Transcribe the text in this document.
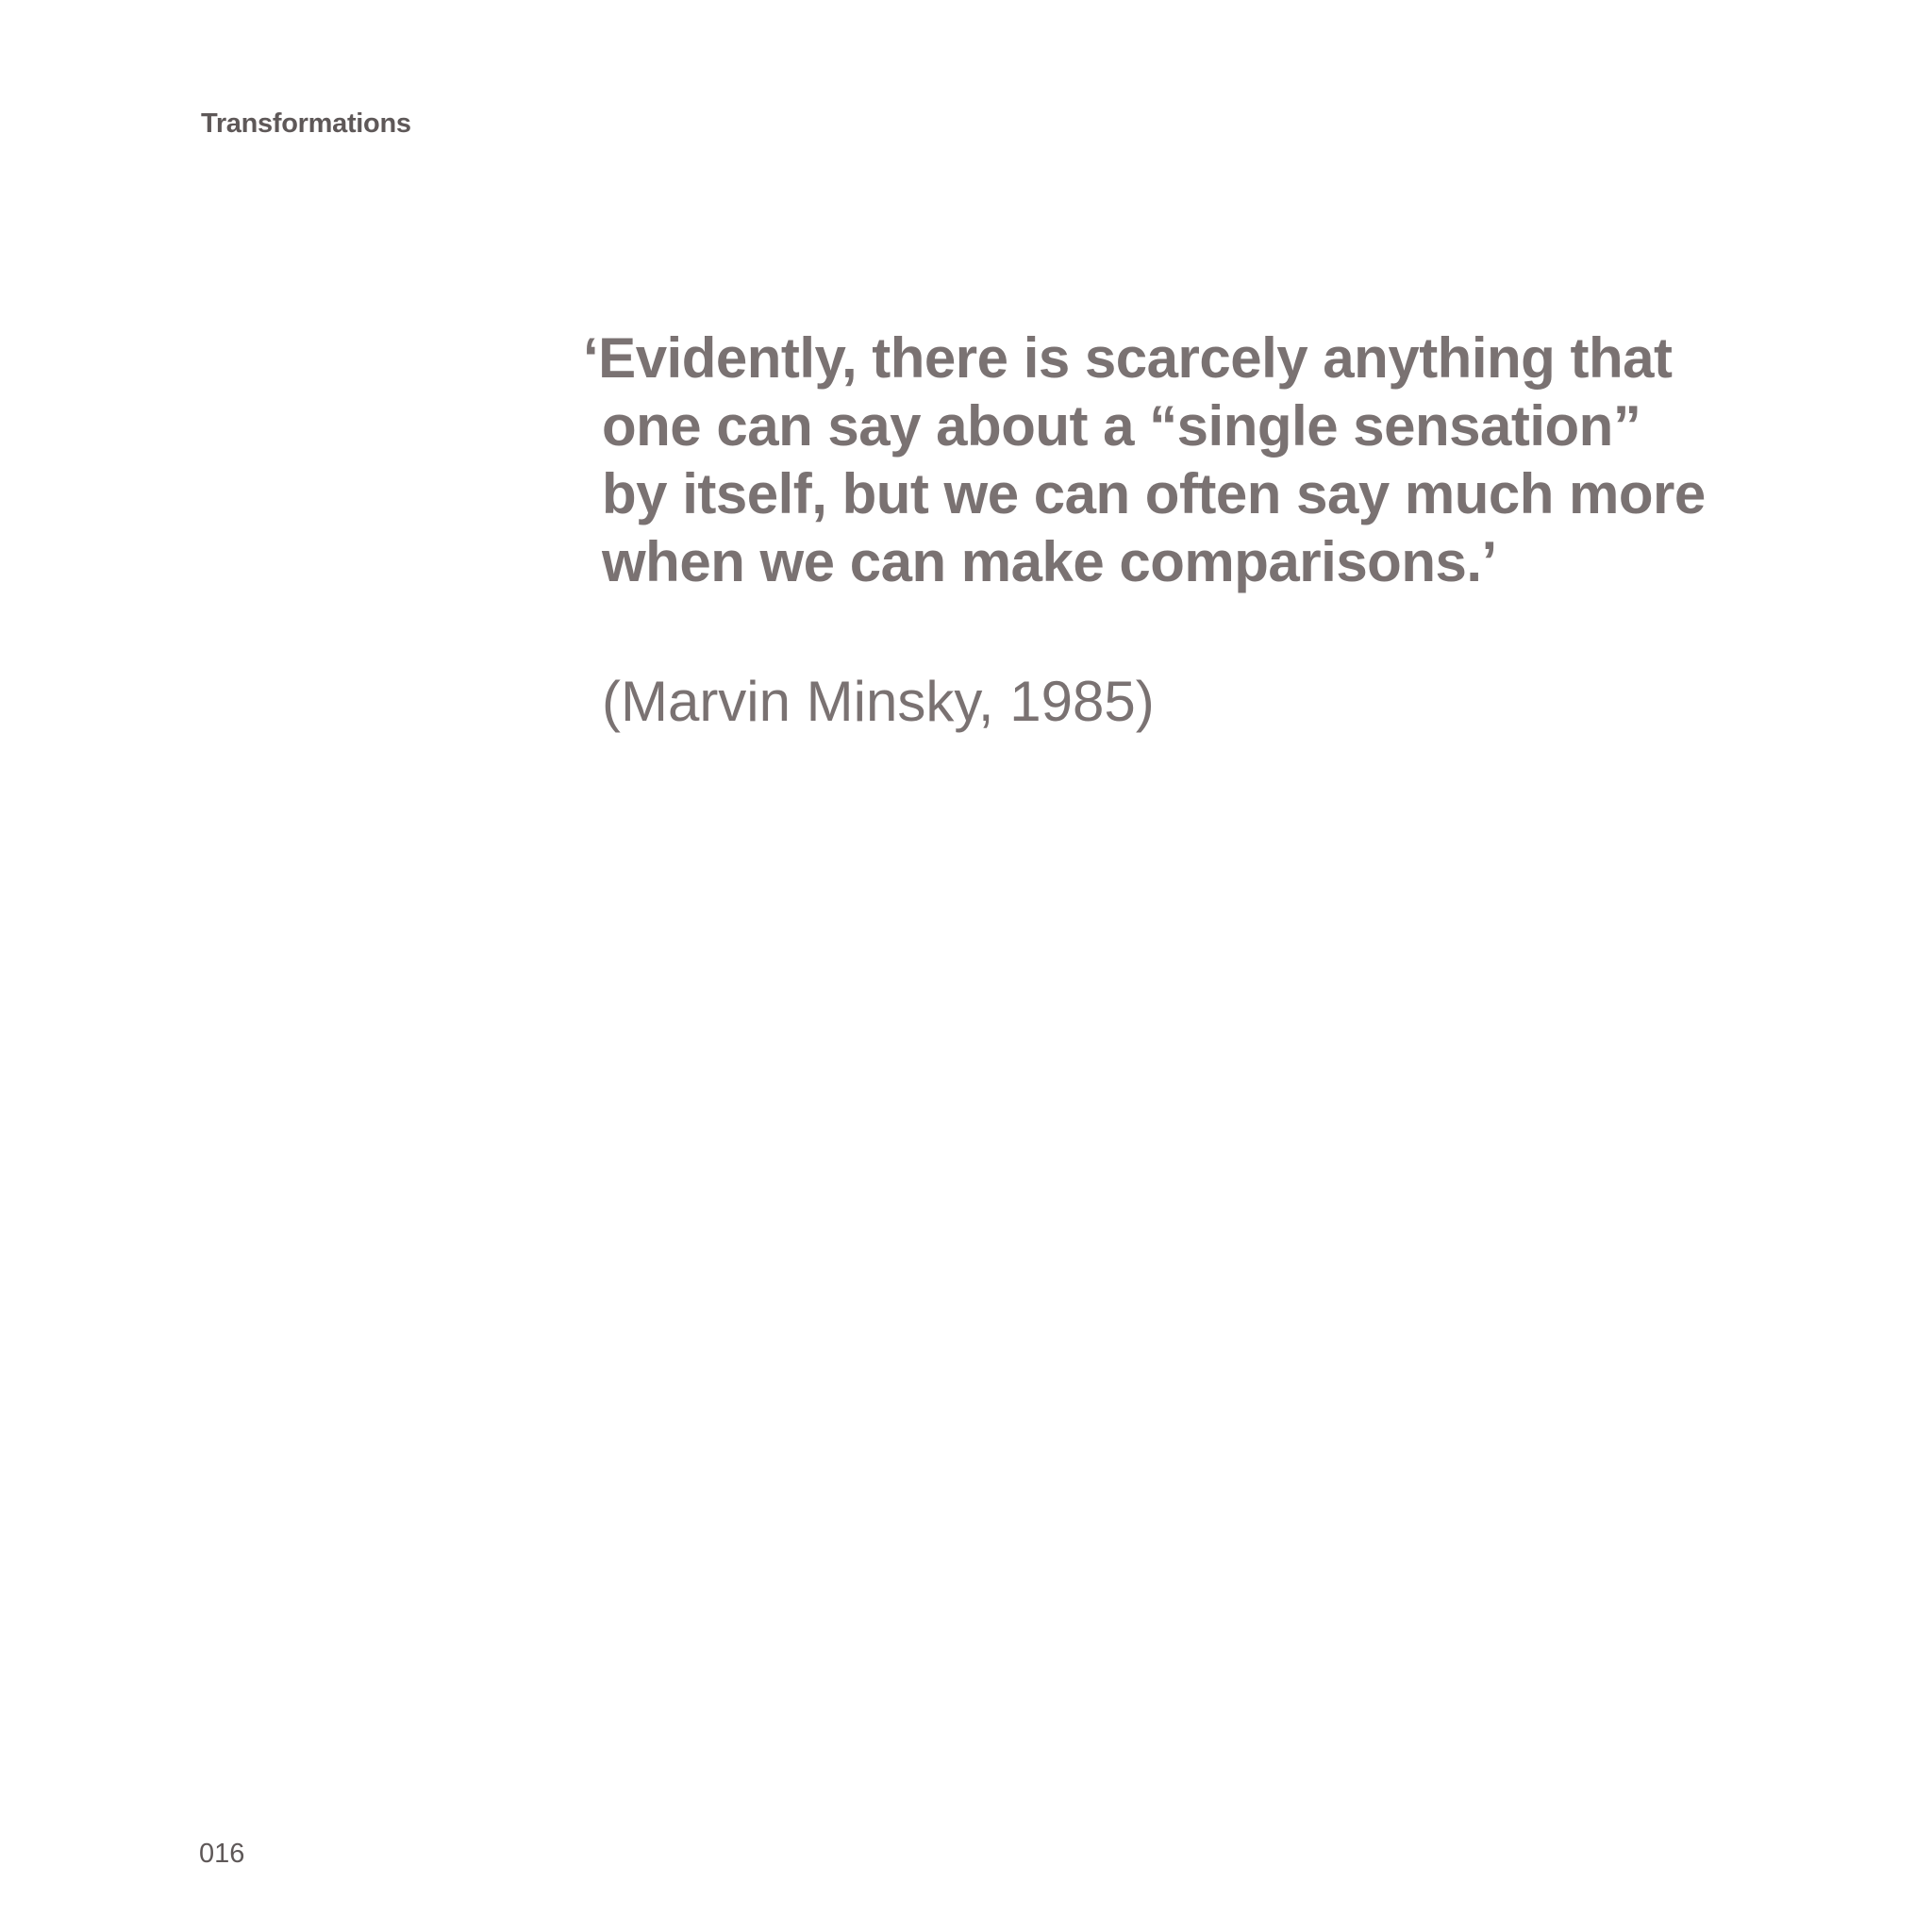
Transformations
‘Evidently, there is scarcely anything that
one can say about a “single sensation”
by itself, but we can often say much more
when we can make comparisons.’
(Marvin Minsky, 1985)
016
